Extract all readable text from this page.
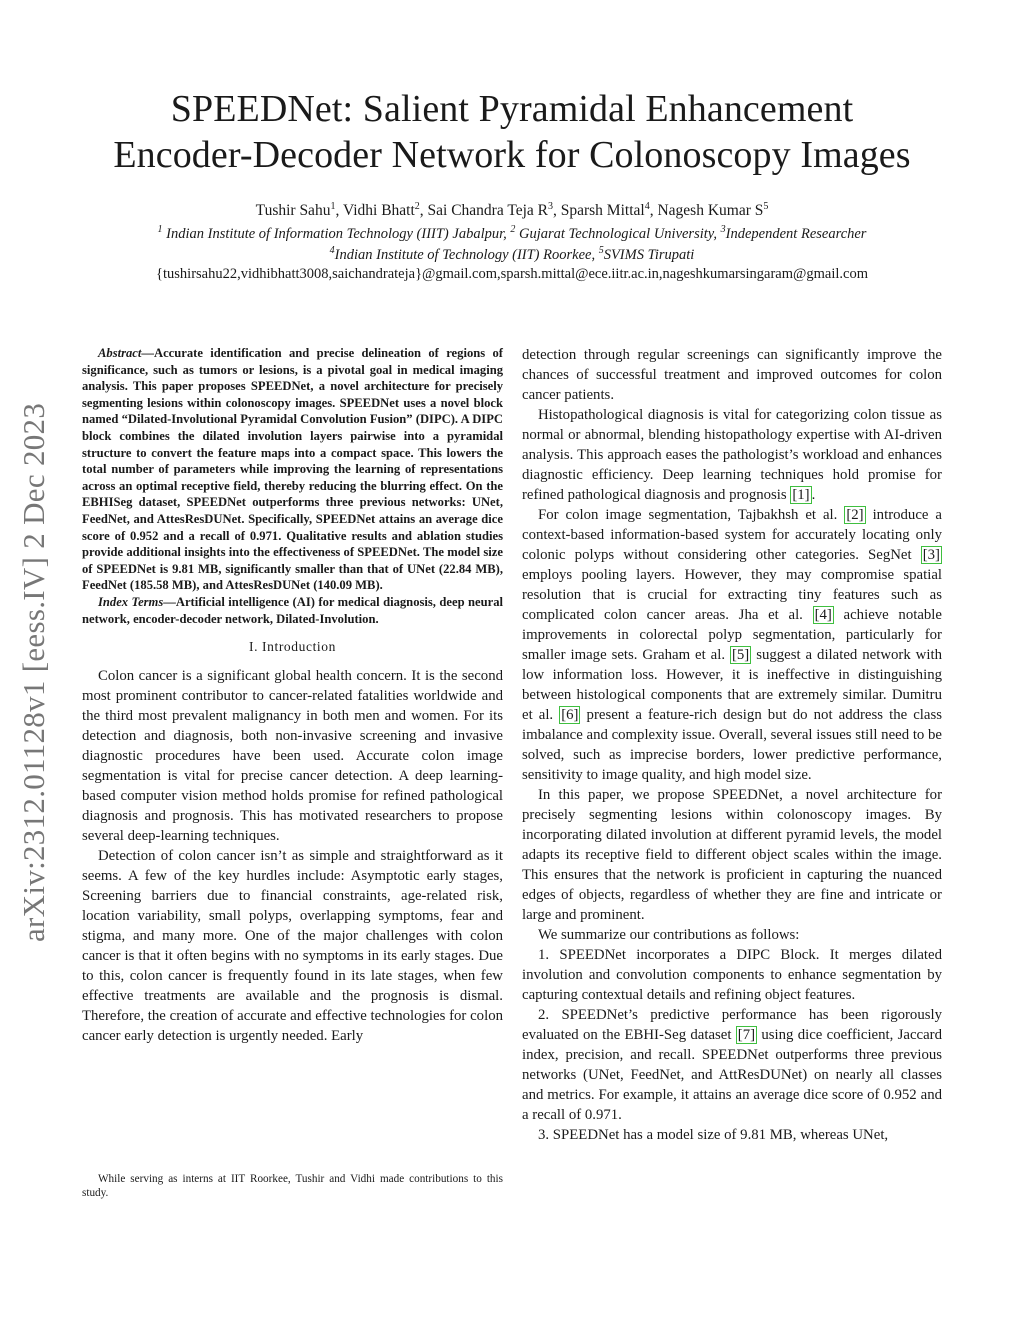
arXiv:2312.01128v1 [eess.IV] 2 Dec 2023
SPEEDNet: Salient Pyramidal Enhancement
Encoder-Decoder Network for Colonoscopy Images
Tushir Sahu$^1$, Vidhi Bhatt$^2$, Sai Chandra Teja $R^3$, Sparsh Mittal$^4$, Nagesh Kumar $S^5$
$^1$ Indian Institute of Information Technology (IIIT) Jabalpur, $^2$ Gujarat Technological University, $^3$Independent Researcher
$^4$Indian Institute of Technology (IIT) Roorkee, $^5$SVIMS Tirupati
{tushirsahu22,vidhibhatt3008,saichandrateja}@gmail.com,sparsh.mittal@ece.iitr.ac.in,nageshkumarsingaram@gmail.com

Abstract—Accurate identification and precise delineation of regions of significance, such as tumors or lesions, is a pivotal goal in medical imaging analysis. This paper proposes SPEEDNet, a novel architecture for precisely segmenting lesions within colonoscopy images. SPEEDNet uses a novel block named “Dilated-Involutional Pyramidal Convolution Fusion” (DIPC). A DIPC block combines the dilated involution layers pairwise into a pyramidal structure to convert the feature maps into a compact space. This lowers the total number of parameters while improving the learning of representations across an optimal receptive field, thereby reducing the blurring effect. On the EBHISeg dataset, SPEEDNet outperforms three previous networks: UNet, FeedNet, and AttesResDUNet. Specifically, SPEEDNet attains an average dice score of 0.952 and a recall of 0.971. Qualitative results and ablation studies provide additional insights into the effectiveness of SPEEDNet. The model size of SPEEDNet is 9.81 MB, significantly smaller than that of UNet (22.84 MB), FeedNet (185.58 MB), and AttesResDUNet (140.09 MB).

Index Terms—Artificial intelligence (AI) for medical diagnosis, deep neural network, encoder-decoder network, Dilated-Involution.

I. Introduction

Colon cancer is a significant global health concern. It is the second most prominent contributor to cancer-related fatalities worldwide and the third most prevalent malignancy in both men and women. For its detection and diagnosis, both non-invasive screening and invasive diagnostic procedures have been used. Accurate colon image segmentation is vital for precise cancer detection. A deep learning-based computer vision method holds promise for refined pathological diagnosis and prognosis. This has motivated researchers to propose several deep-learning techniques.

Detection of colon cancer isn’t as simple and straightforward as it seems. A few of the key hurdles include: Asymptotic early stages, Screening barriers due to financial constraints, age-related risk, location variability, small polyps, overlapping symptoms, fear and stigma, and many more. One of the major challenges with colon cancer is that it often begins with no symptoms in its early stages. Due to this, colon cancer is frequently found in its late stages, when few effective treatments are available and the prognosis is dismal. Therefore, the creation of accurate and effective technologies for colon cancer early detection is urgently needed. Early

detection through regular screenings can significantly improve the chances of successful treatment and improved outcomes for colon cancer patients.

Histopathological diagnosis is vital for categorizing colon tissue as normal or abnormal, blending histopathology expertise with AI-driven analysis. This approach eases the pathologist’s workload and enhances diagnostic efficiency. Deep learning techniques hold promise for refined pathological diagnosis and prognosis [1] .

For colon image segmentation, Tajbakhsh et al. [2] introduce a context-based information-based system for accurately locating only colonic polyps without considering other categories. SegNet [3] employs pooling layers. However, they may compromise spatial resolution that is crucial for extracting tiny features such as complicated colon cancer areas. Jha et al. [4] achieve notable improvements in colorectal polyp segmentation, particularly for smaller image sets. Graham et al. [5] suggest a dilated network with low information loss. However, it is ineffective in distinguishing between histological components that are extremely similar. Dumitru et al. [6] present a feature-rich design but do not address the class imbalance and complexity issue. Overall, several issues still need to be solved, such as imprecise borders, lower predictive performance, sensitivity to image quality, and high model size.

In this paper, we propose SPEEDNet, a novel architecture for precisely segmenting lesions within colonoscopy images. By incorporating dilated involution at different pyramid levels, the model adapts its receptive field to different object scales within the image. This ensures that the network is proficient in capturing the nuanced edges of objects, regardless of whether they are fine and intricate or large and prominent.

We summarize our contributions as follows:

1. SPEEDNet incorporates a DIPC Block. It merges dilated involution and convolution components to enhance segmentation by capturing contextual details and refining object features.

2. SPEEDNet’s predictive performance has been rigorously evaluated on the EBHI-Seg dataset [7] using dice coefficient, Jaccard index, precision, and recall. SPEEDNet outperforms three previous networks (UNet, FeedNet, and AttResDUNet) on nearly all classes and metrics. For example, it attains an average dice score of 0.952 and a recall of 0.971.

3. SPEEDNet has a model size of 9.81 MB, whereas UNet,

While serving as interns at IIT Roorkee, Tushir and Vidhi made contributions to this study.
